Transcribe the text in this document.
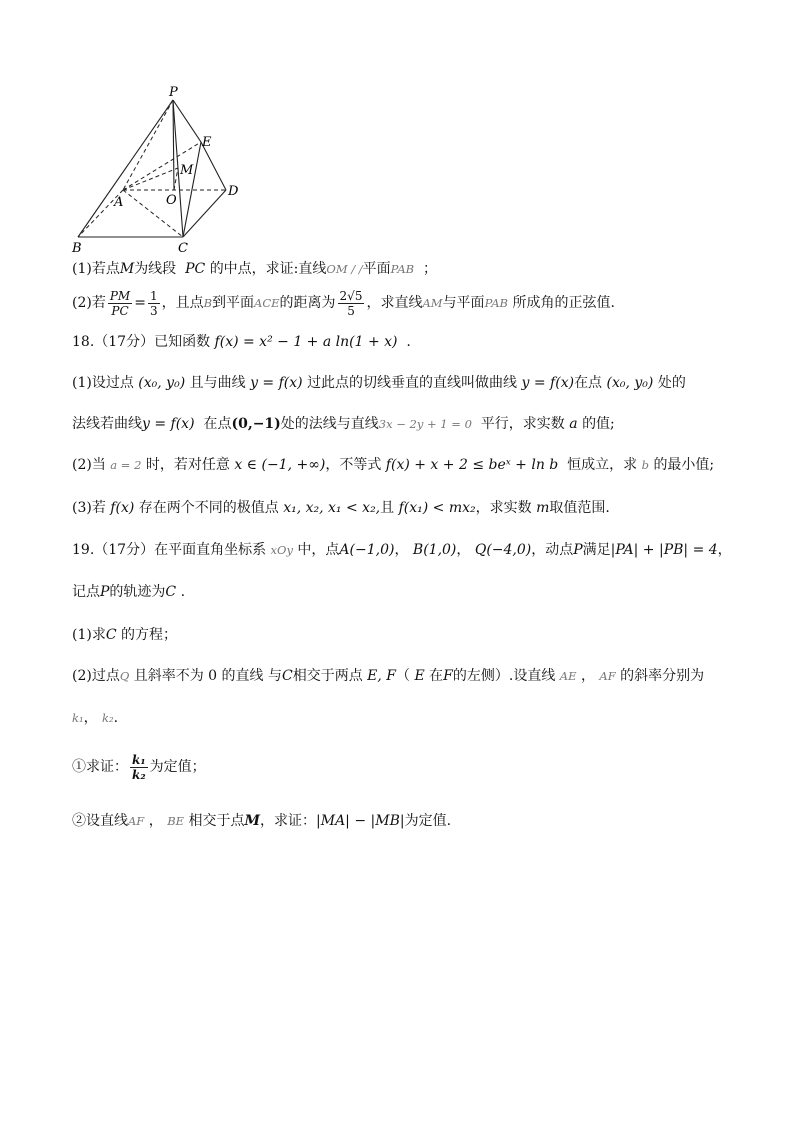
P
E
M
A	O
D
B	C
(1)若点M为线段 PC 的中点，求证:直线OM / /平面PAB ；
(2)若 $\frac{PM}{PC} = \frac{1}{3}$ ，且点B到平面ACE的距离为 $\frac{2√5}{5}$ ，求直线AM与平面PAB 所成角的正弦值.
18.（17分）已知函数 f(x) = x² − 1 + a ln(1 + x) .
(1)设过点 (x₀, y₀) 且与曲线 y = f(x) 过此点的切线垂直的直线叫做曲线 y = f(x)在点 (x₀, y₀) 处的
法线若曲线y = f(x) 在点(0,−1)处的法线与直线3x − 2y + 1 = 0 平行，求实数 a 的值;
(2)当 a = 2 时，若对任意 x ∈ (−1, +∞)，不等式 f(x) + x + 2 ≤ beˣ + ln b 恒成立，求 b 的最小值;
(3)若 f(x) 存在两个不同的极值点 x₁, x₂, x₁ < x₂,且 f(x₁) < mx₂，求实数 m取值范围.
19.（17分）在平面直角坐标系 xOy 中，点A(−1,0)， B(1,0)， Q(−4,0)，动点P满足|PA| + |PB| = 4，
记点P的轨迹为C .
(1)求C 的方程；
(2)过点Q 且斜率不为 0 的直线 与C相交于两点 E, F（ E 在F的左侧）.设直线 AE ， AF 的斜率分别为
k₁， k₂.
①求证： $\frac{\text{k₁}}{\text{k₂}}$ 为定值；
②设直线AF ， BE 相交于点M，求证：|MA| − |MB|为定值.
